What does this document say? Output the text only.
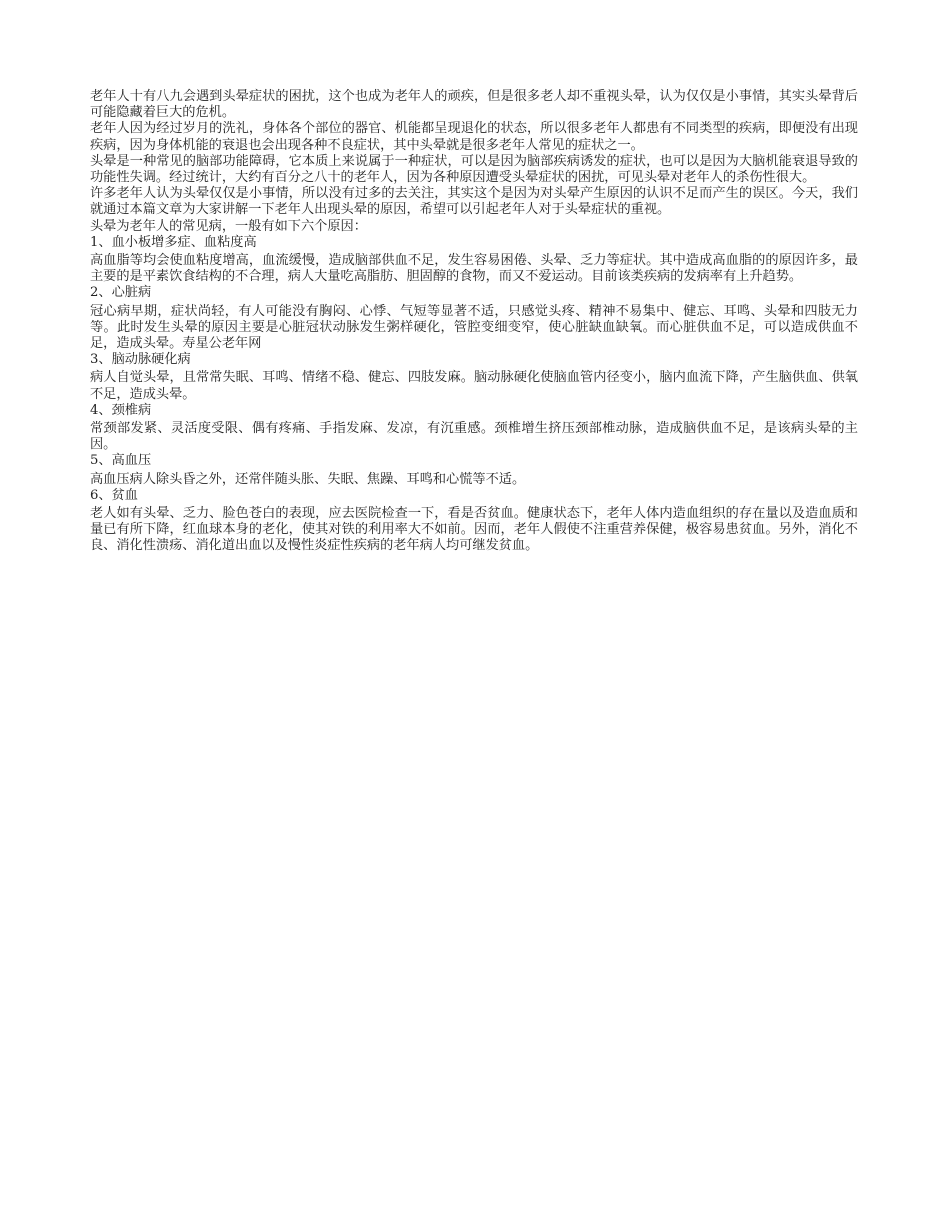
老年人十有八九会遇到头晕症状的困扰，这个也成为老年人的顽疾，但是很多老人却不重视头晕，认为仅仅是小事情，其实头晕背后可能隐藏着巨大的危机。

老年人因为经过岁月的洗礼，身体各个部位的器官、机能都呈现退化的状态，所以很多老年人都患有不同类型的疾病，即便没有出现疾病，因为身体机能的衰退也会出现各种不良症状，其中头晕就是很多老年人常见的症状之一。

头晕是一种常见的脑部功能障碍，它本质上来说属于一种症状，可以是因为脑部疾病诱发的症状，也可以是因为大脑机能衰退导致的功能性失调。经过统计，大约有百分之八十的老年人，因为各种原因遭受头晕症状的困扰，可见头晕对老年人的杀伤性很大。

许多老年人认为头晕仅仅是小事情，所以没有过多的去关注，其实这个是因为对头晕产生原因的认识不足而产生的误区。今天，我们就通过本篇文章为大家讲解一下老年人出现头晕的原因，希望可以引起老年人对于头晕症状的重视。

头晕为老年人的常见病，一般有如下六个原因：

1、血小板增多症、血粘度高

高血脂等均会使血粘度增高，血流缓慢，造成脑部供血不足，发生容易困倦、头晕、乏力等症状。其中造成高血脂的的原因许多，最主要的是平素饮食结构的不合理，病人大量吃高脂肪、胆固醇的食物，而又不爱运动。目前该类疾病的发病率有上升趋势。

2、心脏病

冠心病早期，症状尚轻，有人可能没有胸闷、心悸、气短等显著不适，只感觉头疼、精神不易集中、健忘、耳鸣、头晕和四肢无力等。此时发生头晕的原因主要是心脏冠状动脉发生粥样硬化，管腔变细变窄，使心脏缺血缺氧。而心脏供血不足，可以造成供血不足，造成头晕。寿星公老年网

3、脑动脉硬化病

病人自觉头晕，且常常失眠、耳鸣、情绪不稳、健忘、四肢发麻。脑动脉硬化使脑血管内径变小，脑内血流下降，产生脑供血、供氧不足，造成头晕。

4、颈椎病

常颈部发紧、灵活度受限、偶有疼痛、手指发麻、发凉，有沉重感。颈椎增生挤压颈部椎动脉，造成脑供血不足，是该病头晕的主因。

5、高血压

高血压病人除头昏之外，还常伴随头胀、失眠、焦躁、耳鸣和心慌等不适。

6、贫血

老人如有头晕、乏力、脸色苍白的表现，应去医院检查一下，看是否贫血。健康状态下，老年人体内造血组织的存在量以及造血质和量已有所下降，红血球本身的老化，使其对铁的利用率大不如前。因而，老年人假使不注重营养保健，极容易患贫血。另外，消化不良、消化性溃疡、消化道出血以及慢性炎症性疾病的老年病人均可继发贫血。
